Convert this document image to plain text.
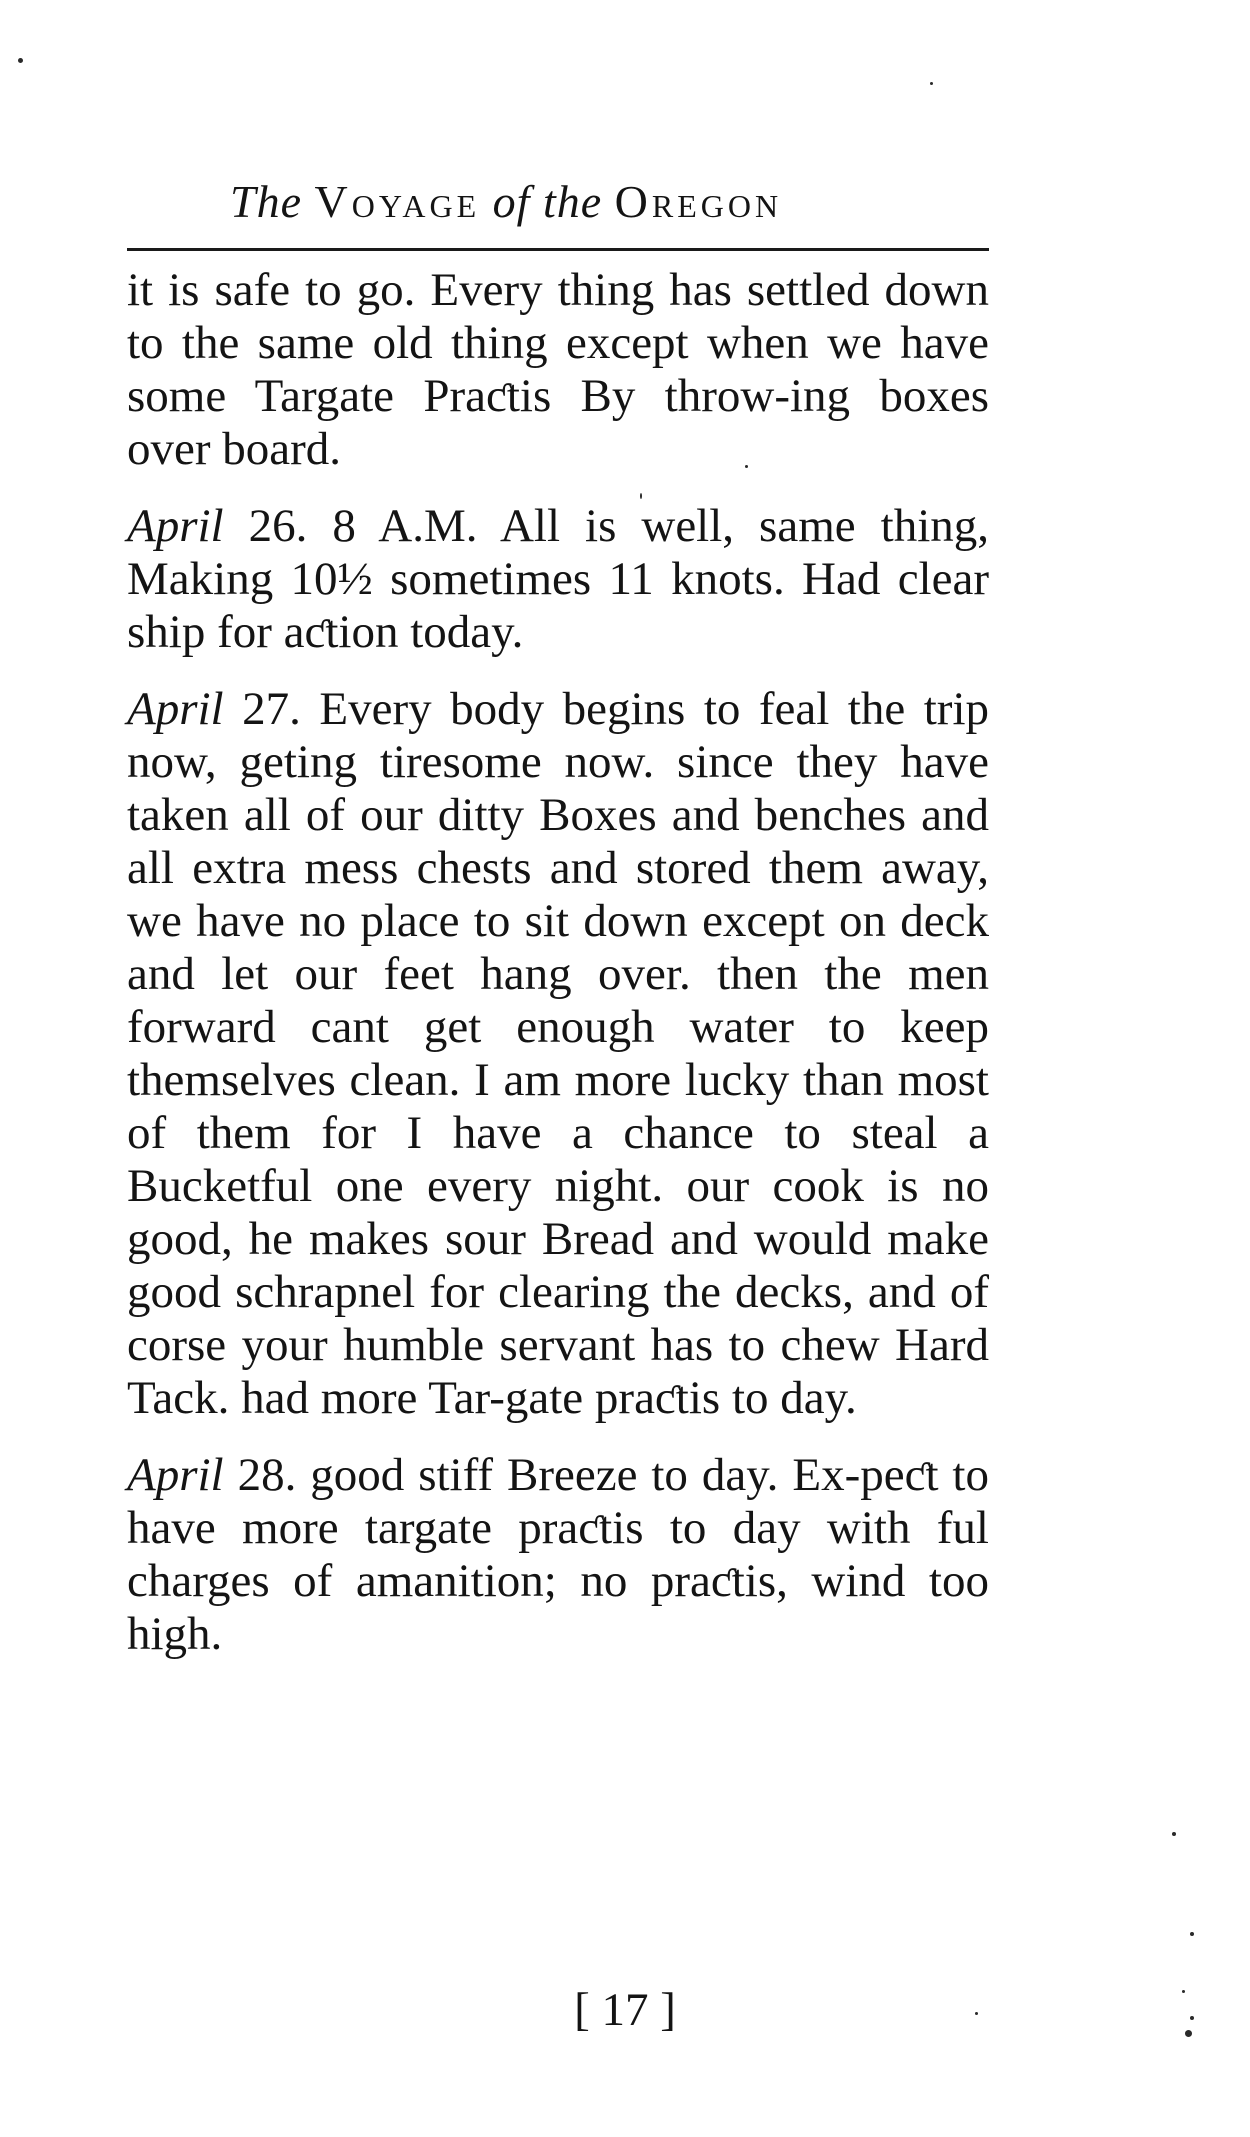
The Voyage of the Oregon

it is safe to go. Every thing has settled down to the same old thing except when we have some Targate Praƈtis By throw-ing boxes over board.

April 26. 8 A.M. All is well, same thing, Making 10½ sometimes 11 knots. Had clear ship for aƈtion today.

April 27. Every body begins to feal the trip now, geting tiresome now. since they have taken all of our ditty Boxes and benches and all extra mess chests and stored them away, we have no place to sit down except on deck and let our feet hang over. then the men forward cant get enough water to keep themselves clean. I am more lucky than most of them for I have a chance to steal a Bucketful one every night. our cook is no good, he makes sour Bread and would make good schrapnel for clearing the decks, and of corse your humble servant has to chew Hard Tack. had more Tar-gate praƈtis to day.

April 28. good stiff Breeze to day. Ex-peƈt to have more targate praƈtis to day with ful charges of amanition; no praƈtis, wind too high.

[ 17 ]
